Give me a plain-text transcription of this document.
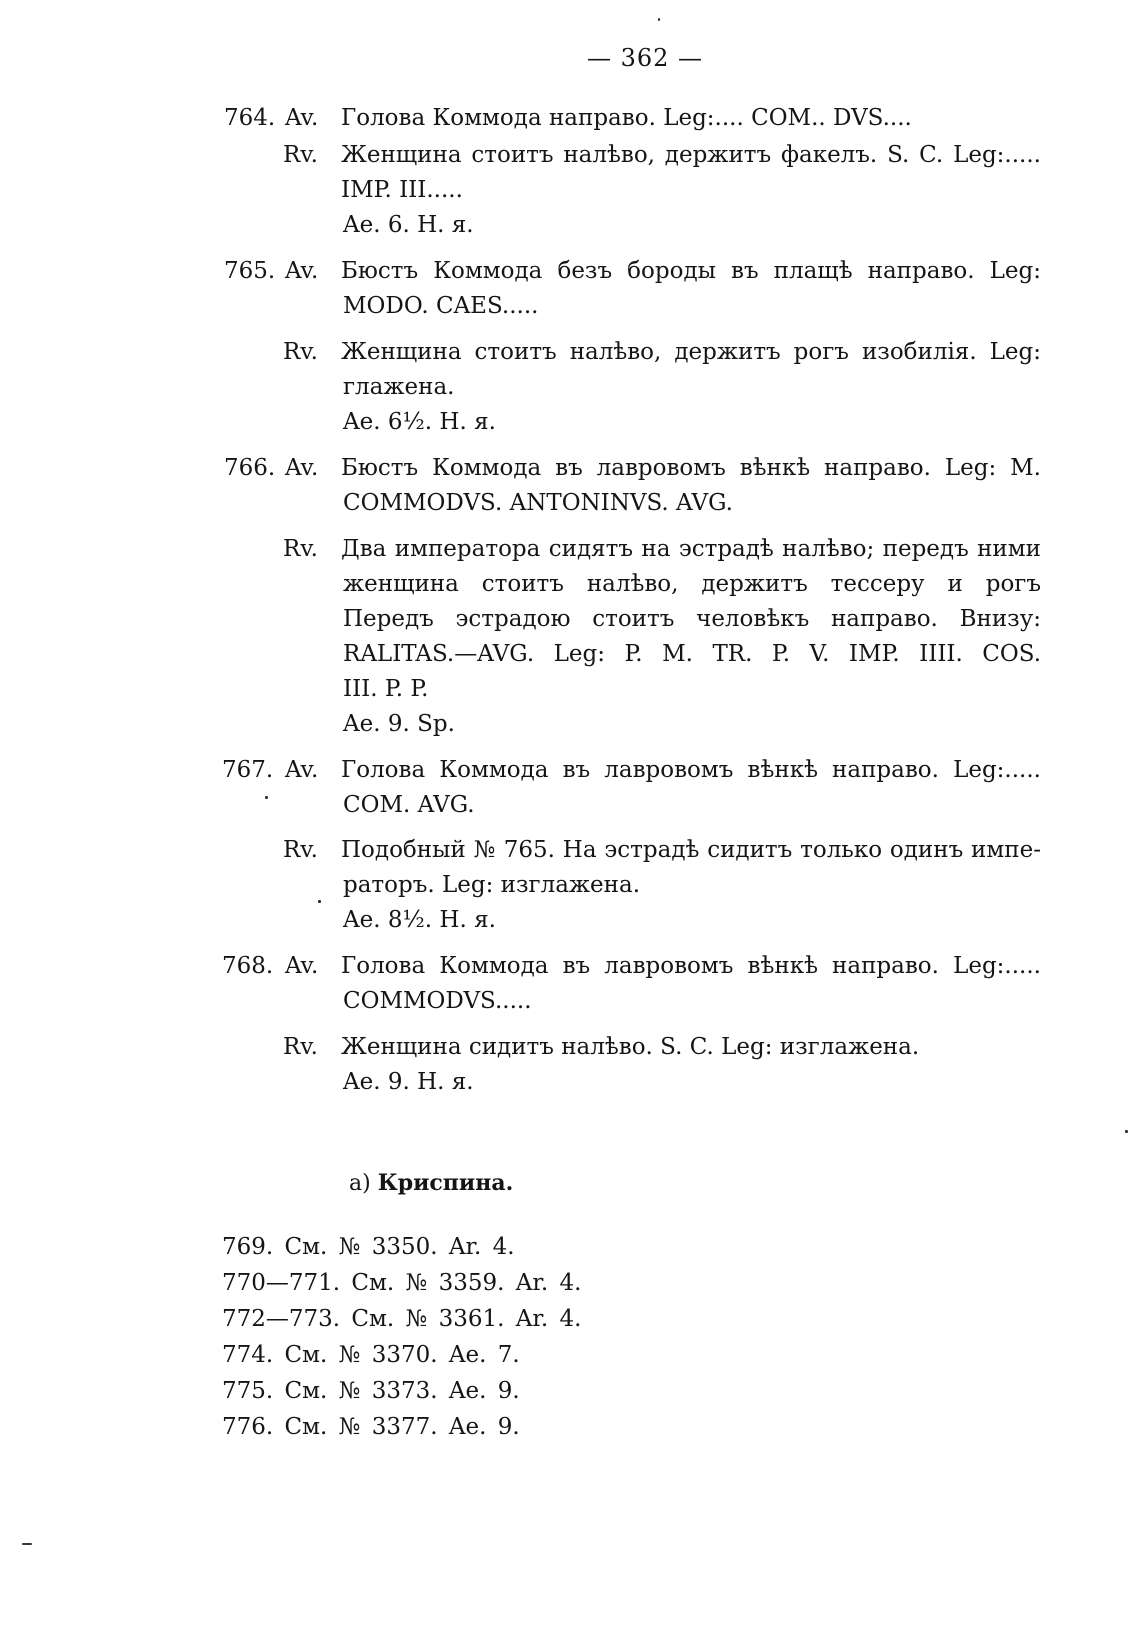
— 362 —
764. Av. Голова Коммода направо. Leg:.... COM.. DVS....
Rv. Женщина стоитъ налѣво, держитъ факелъ. S. C. Leg:.....
IMP. III.....
Ae. 6. H. я.
765. Av. Бюстъ Коммода безъ бороды въ плащѣ направо. Leg:
MODO. CAES.....
Rv. Женщина стоитъ налѣво, держитъ рогъ изобилія. Leg:
глажена.
Ae. 6½. H. я.
766. Av. Бюстъ Коммода въ лавровомъ вѣнкѣ направо. Leg: M.
COMMODVS. ANTONINVS. AVG.
Rv. Два императора сидятъ на эстрадѣ налѣво; передъ ними
женщина стоитъ налѣво, держитъ тессеру и рогъ
Передъ эстрадою стоитъ человѣкъ направо. Внизу:
RALITAS.—AVG. Leg: P. M. TR. P. V. IMP. IIII. COS.
III. P. P.
Ae. 9. Sp.
767. Av. Голова Коммода въ лавровомъ вѣнкѣ направо. Leg:.....
COM. AVG.
Rv. Подобный № 765. На эстрадѣ сидитъ только одинъ импе-
раторъ. Leg: изглажена.
Ae. 8½. H. я.
768. Av. Голова Коммода въ лавровомъ вѣнкѣ направо. Leg:.....
COMMODVS.....
Rv. Женщина сидитъ налѣво. S. C. Leg: изглажена.
Ae. 9. H. я.
a) Криспина.
769. См. № 3350. Ar. 4.
770—771. См. № 3359. Ar. 4.
772—773. См. № 3361. Ar. 4.
774. См. № 3370. Ae. 7.
775. См. № 3373. Ae. 9.
776. См. № 3377. Ae. 9.
